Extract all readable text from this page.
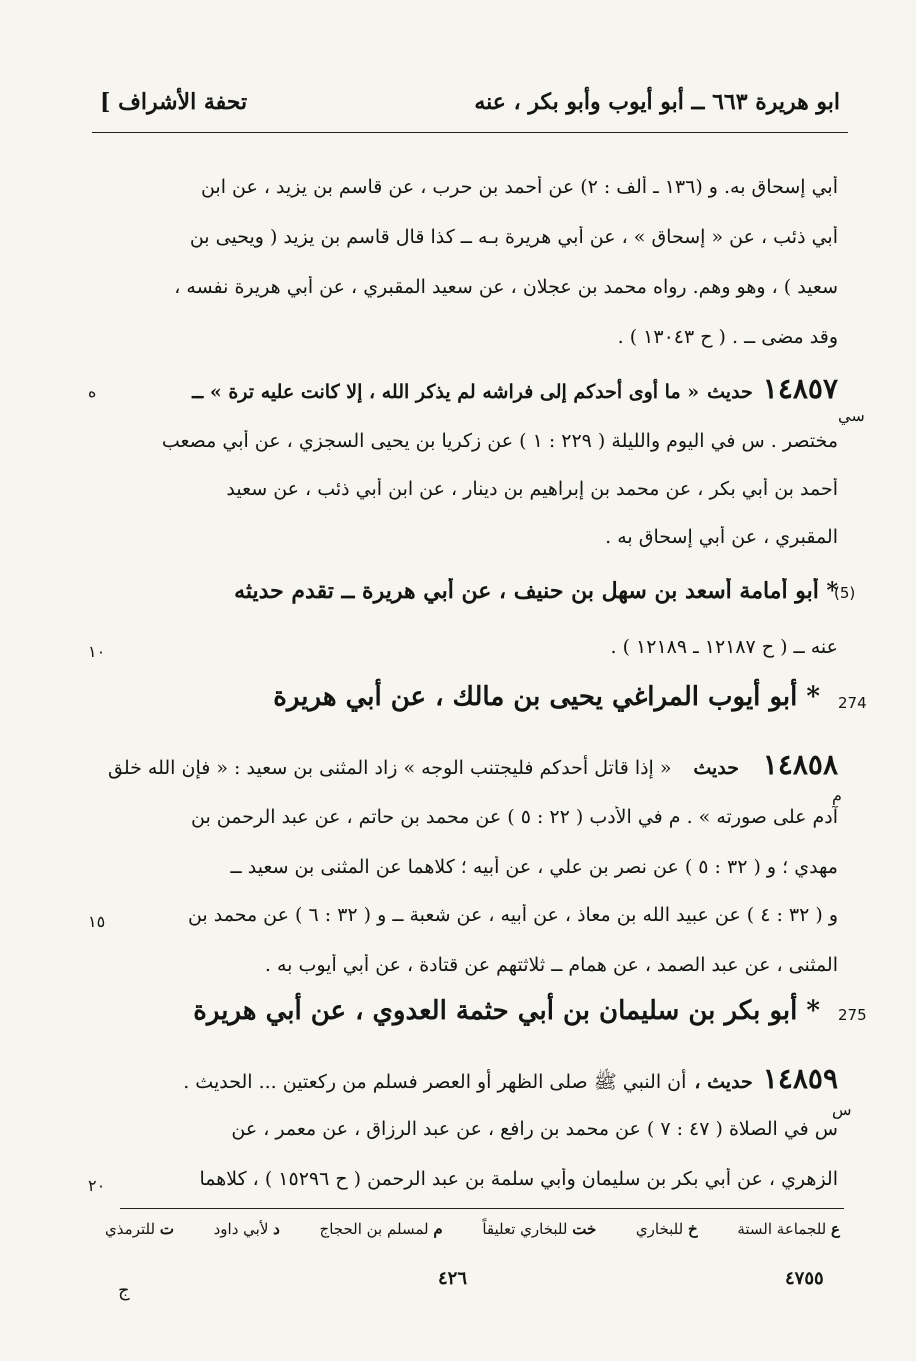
تحفة الأشراف ]	ابو هريرة ٦٦٣ ــ أبو أيوب وأبو بكر ، عنه
أبي إسحاق به. و (١٣٦ ـ ألف : ٢) عن أحمد بن حرب ، عن قاسم بن يزيد ، عن ابن
أبي ذئب ، عن « إسحاق » ، عن أبي هريرة بـه ــ كذا قال قاسم بن يزيد ( ويحيى بن
سعيد ) ، وهو وهم. رواه محمد بن عجلان ، عن سعيد المقبري ، عن أبي هريرة نفسه ،
وقد مضى ــ . ( ح ١٣٠٤٣ ) .
١٤٨٥٧
حديث
« ما أوى أحدكم إلى فراشه لم يذكر الله ، إلا كانت عليه ترة » ــ
ه
سي
مختصر . س في اليوم والليلة ( ٢٢٩ : ١ ) عن زكريا بن يحيى السجزي ، عن أبي مصعب
أحمد بن أبي بكر ، عن محمد بن إبراهيم بن دينار ، عن ابن أبي ذئب ، عن سعيد
المقبري ، عن أبي إسحاق به .
(5)
* أبو أمامة أسعد بن سهل بن حنيف ، عن أبي هريرة ــ تقدم حديثه
عنه ــ ( ح ١٢١٨٧ ـ ١٢١٨٩ ) .
١٠
274
* أبو أيوب المراغي يحيى بن مالك ، عن أبي هريرة
١٤٨٥٨
حديث
« إذا قاتل أحدكم فليجتنب الوجه » زاد المثنى بن سعيد : « فإن الله خلق
م
آدم على صورته » . م في الأدب ( ٢٢ : ٥ ) عن محمد بن حاتم ، عن عبد الرحمن بن
مهدي ؛ و ( ٣٢ : ٥ ) عن نصر بن علي ، عن أبيه ؛ كلاهما عن المثنى بن سعيد ــ
و ( ٣٢ : ٤ ) عن عبيد الله بن معاذ ، عن أبيه ، عن شعبة ــ و ( ٣٢ : ٦ ) عن محمد بن
١٥
المثنى ، عن عبد الصمد ، عن همام ــ ثلاثتهم عن قتادة ، عن أبي أيوب به .
275
* أبو بكر بن سليمان بن أبي حثمة العدوي ، عن أبي هريرة
١٤٨٥٩
حديث ،
أن النبي ﷺ صلى الظهر أو العصر فسلم من ركعتين ... الحديث .
س
س في الصلاة ( ٤٧ : ٧ ) عن محمد بن رافع ، عن عبد الرزاق ، عن معمر ، عن
الزهري ، عن أبي بكر بن سليمان وأبي سلمة بن عبد الرحمن ( ح ١٥٢٩٦ ) ، كلاهما
٢٠
ع للجماعة الستة
خ للبخاري
خت للبخاري تعليقاً
م لمسلم بن الحجاج
د لأبي داود
ت للترمذي
٤٧٥٥
٤٢٦
ج
